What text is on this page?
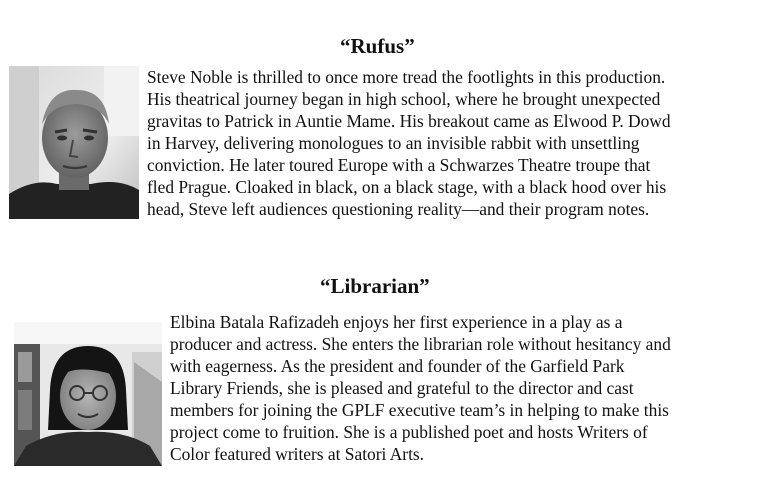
“Rufus”
Steve Noble is thrilled to once more tread the footlights in this production.
His theatrical journey began in high school, where he brought unexpected
gravitas to Patrick in Auntie Mame. His breakout came as Elwood P. Dowd
in Harvey, delivering monologues to an invisible rabbit with unsettling
conviction. He later toured Europe with a Schwarzes Theatre troupe that
fled Prague. Cloaked in black, on a black stage, with a black hood over his
head, Steve left audiences questioning reality—and their program notes.
“Librarian”
Elbina Batala Rafizadeh enjoys her first experience in a play as a
producer and actress. She enters the librarian role without hesitancy and
with eagerness. As the president and founder of the Garfield Park
Library Friends, she is pleased and grateful to the director and cast
members for joining the GPLF executive team’s in helping to make this
project come to fruition. She is a published poet and hosts Writers of
Color featured writers at Satori Arts.
